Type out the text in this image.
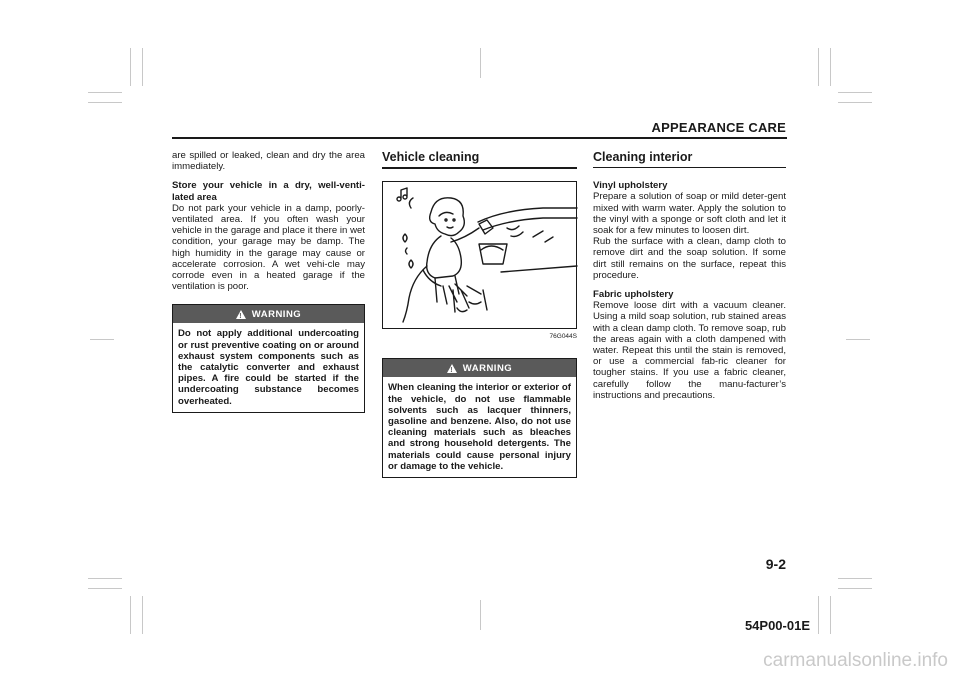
APPEARANCE CARE

are spilled or leaked, clean and dry the area immediately.

Store your vehicle in a dry, well-venti-lated area

Do not park your vehicle in a damp, poorly-ventilated area. If you often wash your vehicle in the garage and place it there in wet condition, your garage may be damp. The high humidity in the garage may cause or accelerate corrosion. A wet vehi-cle may corrode even in a heated garage if the ventilation is poor.

!
WARNING
Do not apply additional undercoating or rust preventive coating on or around exhaust system components such as the catalytic converter and exhaust pipes. A fire could be started if the undercoating substance becomes overheated.
Vehicle cleaning
76G044S
!
WARNING
When cleaning the interior or exterior of the vehicle, do not use flammable solvents such as lacquer thinners, gasoline and benzene. Also, do not use cleaning materials such as bleaches and strong household detergents. The materials could cause personal injury or damage to the vehicle.
Cleaning interior

Vinyl upholstery

Prepare a solution of soap or mild deter-gent mixed with warm water. Apply the solution to the vinyl with a sponge or soft cloth and let it soak for a few minutes to loosen dirt.

Rub the surface with a clean, damp cloth to remove dirt and the soap solution. If some dirt still remains on the surface, repeat this procedure.

Fabric upholstery

Remove loose dirt with a vacuum cleaner. Using a mild soap solution, rub stained areas with a clean damp cloth. To remove soap, rub the areas again with a cloth dampened with water. Repeat this until the stain is removed, or use a commercial fab-ric cleaner for tougher stains. If you use a fabric cleaner, carefully follow the manu-facturer’s instructions and precautions.

9-2
54P00-01E
carmanualsonline.info
